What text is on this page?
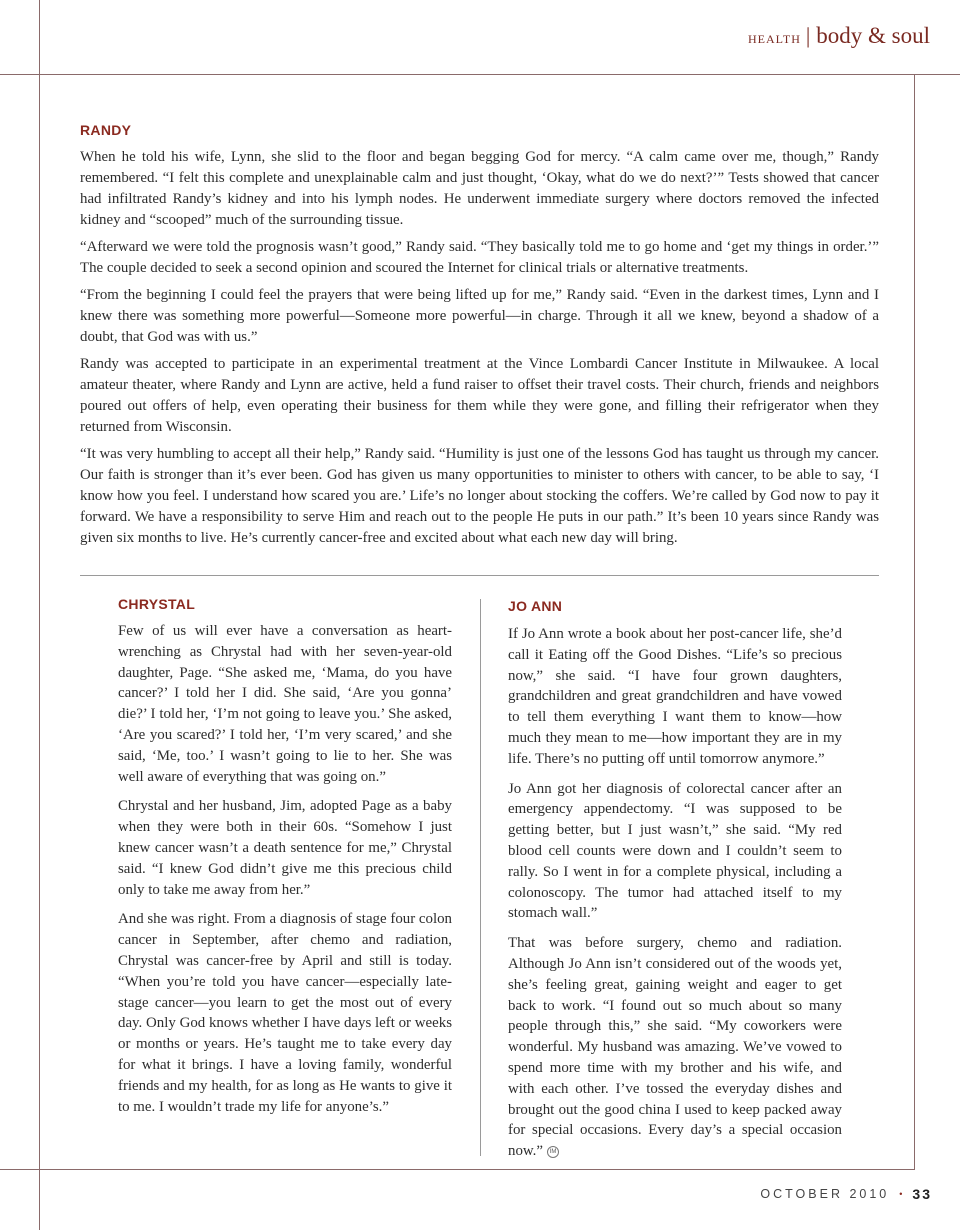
HEALTH | body & soul
RANDY

When he told his wife, Lynn, she slid to the floor and began begging God for mercy. “A calm came over me, though,” Randy remembered. “I felt this complete and unexplainable calm and just thought, ‘Okay, what do we do next?’” Tests showed that cancer had infiltrated Randy’s kidney and into his lymph nodes. He underwent immediate surgery where doctors removed the infected kidney and “scooped” much of the surrounding tissue.

“Afterward we were told the prognosis wasn’t good,” Randy said. “They basically told me to go home and ‘get my things in order.’” The couple decided to seek a second opinion and scoured the Internet for clinical trials or alternative treatments.

“From the beginning I could feel the prayers that were being lifted up for me,” Randy said. “Even in the darkest times, Lynn and I knew there was something more powerful—Someone more powerful—in charge. Through it all we knew, beyond a shadow of a doubt, that God was with us.”

Randy was accepted to participate in an experimental treatment at the Vince Lombardi Cancer Institute in Milwaukee. A local amateur theater, where Randy and Lynn are active, held a fund raiser to offset their travel costs. Their church, friends and neighbors poured out offers of help, even operating their business for them while they were gone, and filling their refrigerator when they returned from Wisconsin.

“It was very humbling to accept all their help,” Randy said. “Humility is just one of the lessons God has taught us through my cancer. Our faith is stronger than it’s ever been. God has given us many opportunities to minister to others with cancer, to be able to say, ‘I know how you feel. I understand how scared you are.’ Life’s no longer about stocking the coffers. We’re called by God now to pay it forward. We have a responsibility to serve Him and reach out to the people He puts in our path.” It’s been 10 years since Randy was given six months to live. He’s currently cancer-free and excited about what each new day will bring.

CHRYSTAL

Few of us will ever have a conversation as heart-wrenching as Chrystal had with her seven-year-old daughter, Page. “She asked me, ‘Mama, do you have cancer?’ I told her I did. She said, ‘Are you gonna’ die?’ I told her, ‘I’m not going to leave you.’ She asked, ‘Are you scared?’ I told her, ‘I’m very scared,’ and she said, ‘Me, too.’ I wasn’t going to lie to her. She was well aware of everything that was going on.”

Chrystal and her husband, Jim, adopted Page as a baby when they were both in their 60s. “Somehow I just knew cancer wasn’t a death sentence for me,” Chrystal said. “I knew God didn’t give me this precious child only to take me away from her.”

And she was right. From a diagnosis of stage four colon cancer in September, after chemo and radiation, Chrystal was cancer-free by April and still is today. “When you’re told you have cancer—especially late-stage cancer—you learn to get the most out of every day. Only God knows whether I have days left or weeks or months or years. He’s taught me to take every day for what it brings. I have a loving family, wonderful friends and my health, for as long as He wants to give it to me. I wouldn’t trade my life for anyone’s.”

JO ANN

If Jo Ann wrote a book about her post-cancer life, she’d call it Eating off the Good Dishes. “Life’s so precious now,” she said. “I have four grown daughters, grandchildren and great grandchildren and have vowed to tell them everything I want them to know—how much they mean to me—how important they are in my life. There’s no putting off until tomorrow anymore.”

Jo Ann got her diagnosis of colorectal cancer after an emergency appendectomy. “I was supposed to be getting better, but I just wasn’t,” she said. “My red blood cell counts were down and I couldn’t seem to rally. So I went in for a complete physical, including a colonoscopy. The tumor had attached itself to my stomach wall.”

That was before surgery, chemo and radiation. Although Jo Ann isn’t considered out of the woods yet, she’s feeling great, gaining weight and eager to get back to work. “I found out so much about so many people through this,” she said. “My coworkers were wonderful. My husband was amazing. We’ve vowed to spend more time with my brother and his wife, and with each other. I’ve tossed the everyday dishes and brought out the good china I used to keep packed away for special occasions. Every day’s a special occasion now.” IM

OCTOBER 2010 • 33
